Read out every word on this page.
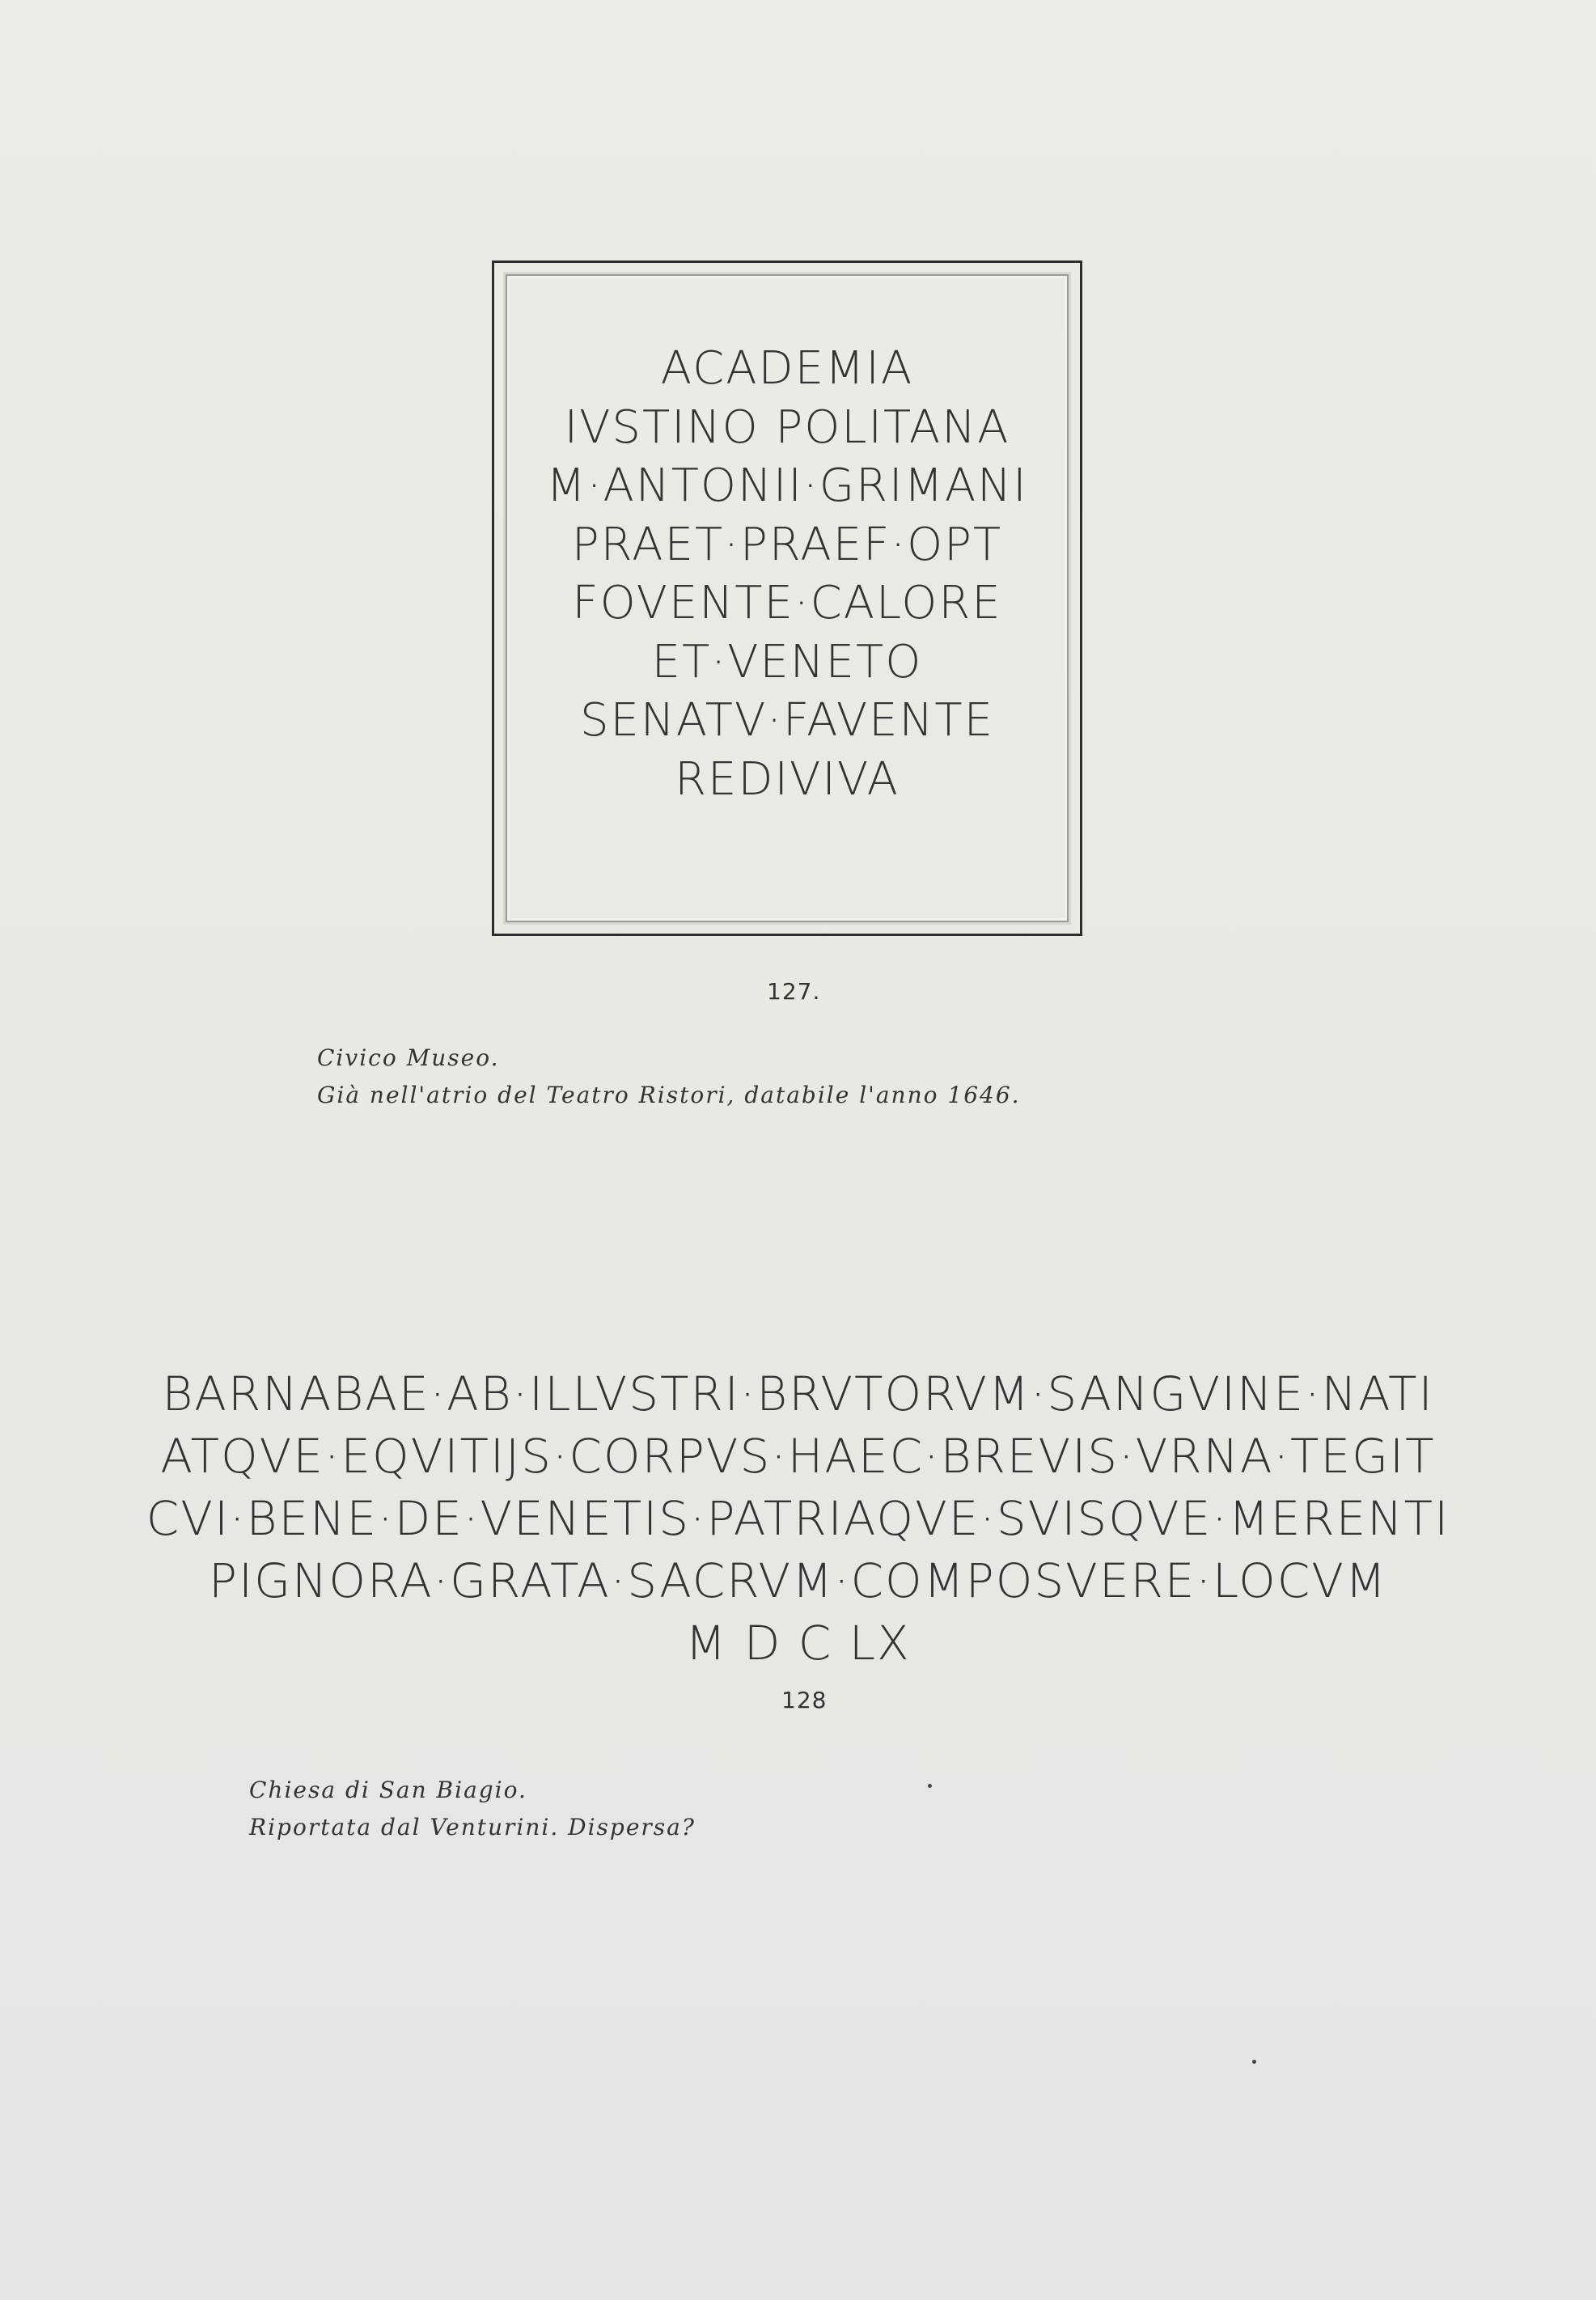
ACADEMIA
IVSTINO POLITANA
M·ANTONII·GRIMANI
PRAET·PRAEF·OPT
FOVENTE·CALORE
ET·VENETO
SENATV·FAVENTE
REDIVIVA
127.
Civico Museo.
Già nell'atrio del Teatro Ristori, databile l'anno 1646.
BARNABAE·AB·ILLVSTRI·BRVTORVM·SANGVINE·NATI
ATQVE·EQVITIJS·CORPVS·HAEC·BREVIS·VRNA·TEGIT
CVI·BENE·DE·VENETIS·PATRIAQVE·SVISQVE·MERENTI
PIGNORA·GRATA·SACRVM·COMPOSVERE·LOCVM
M D C LX
128
Chiesa di San Biagio.
Riportata dal Venturini. Dispersa?
